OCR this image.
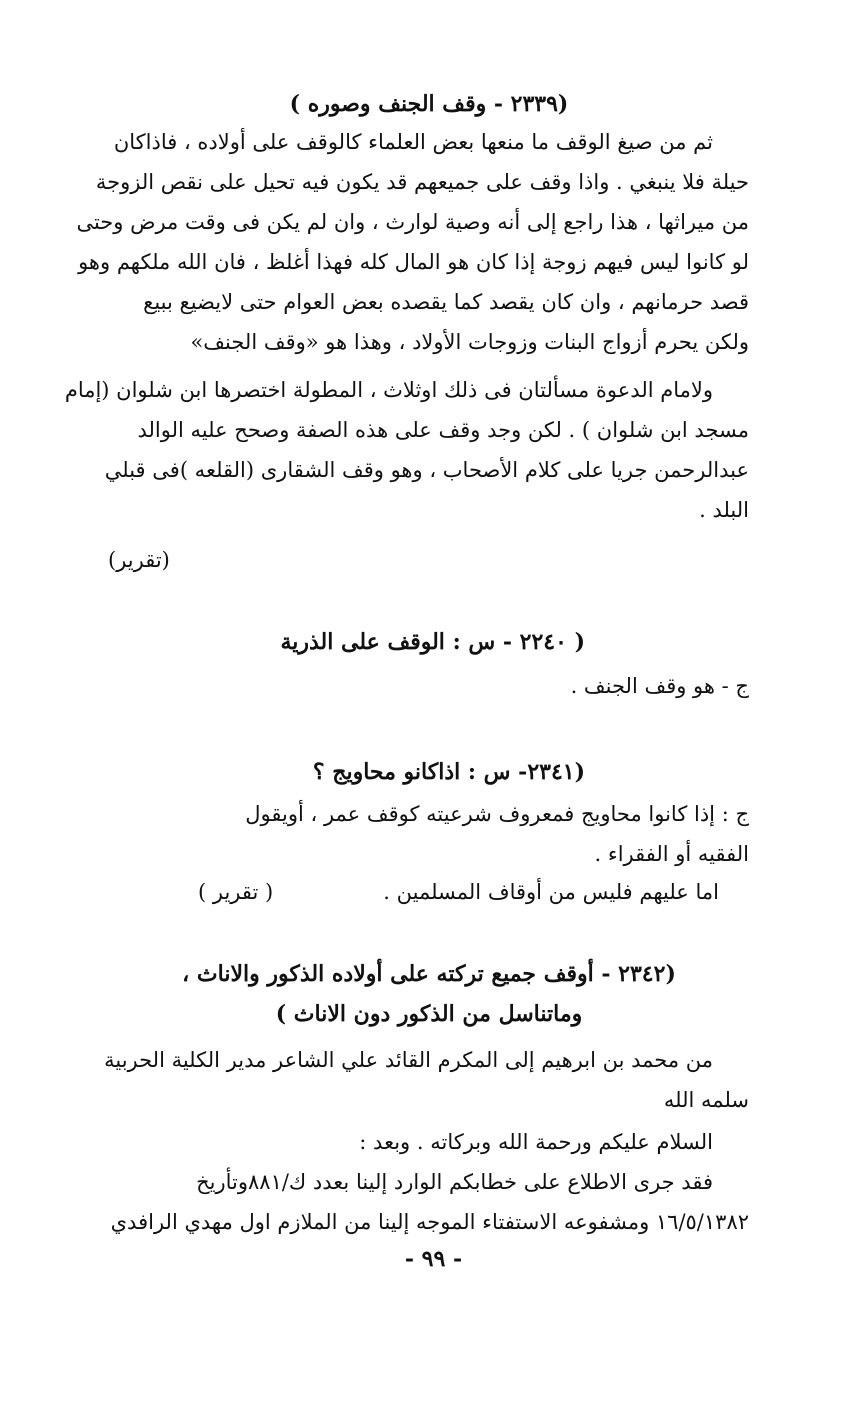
(٢٣٣٩ - وقف الجنف وصوره )
ثم من صيغ الوقف ما منعها بعض العلماء كالوقف على أولاده ، فاذاكان
حيلة فلا ينبغي . واذا وقف على جميعهم قد يكون فيه تحيل على نقص الزوجة
من ميراثها ، هذا راجع إلى أنه وصية لوارث ، وان لم يكن فى وقت مرض وحتى
لو كانوا ليس فيهم زوجة إذا كان هو المال كله فهذا أغلظ ، فان الله ملكهم وهو
قصد حرمانهم ، وان كان يقصد كما يقصده بعض العوام حتى لايضيع ببيع
ولكن يحرم أزواج البنات وزوجات الأولاد ، وهذا هو «وقف الجنف»
ولامام الدعوة مسألتان فى ذلك اوثلاث ، المطولة اختصرها ابن شلوان (إمام
مسجد ابن شلوان ) . لكن وجد وقف على هذه الصفة وصحح عليه الوالد
عبدالرحمن جريا على كلام الأصحاب ، وهو وقف الشقارى (القلعه )فى قبلي
البلد .
(تقرير)
( ٢٢٤٠ - س : الوقف على الذرية
ج - هو وقف الجنف .
(٢٣٤١- س : اذاكانو محاويج ؟
ج : إذا كانوا محاويج فمعروف شرعيته كوقف عمر ، أويقول
الفقيه أو الفقراء .
اما عليهم فليس من أوقاف المسلمين .
( تقرير )
(٢٣٤٢ - أوقف جميع تركته على أولاده الذكور والاناث ،
وماتناسل من الذكور دون الاناث )
من محمد بن ابرهيم إلى المكرم القائد علي الشاعر مدير الكلية الحربية
سلمه الله
السلام عليكم ورحمة الله وبركاته . وبعد :
فقد جرى الاطلاع على خطابكم الوارد إلينا بعدد ك/٨٨١وتأريخ
١٦/٥/١٣٨٢ ومشفوعه الاستفتاء الموجه إلينا من الملازم اول مهدي الرافدي
- ٩٩ -
